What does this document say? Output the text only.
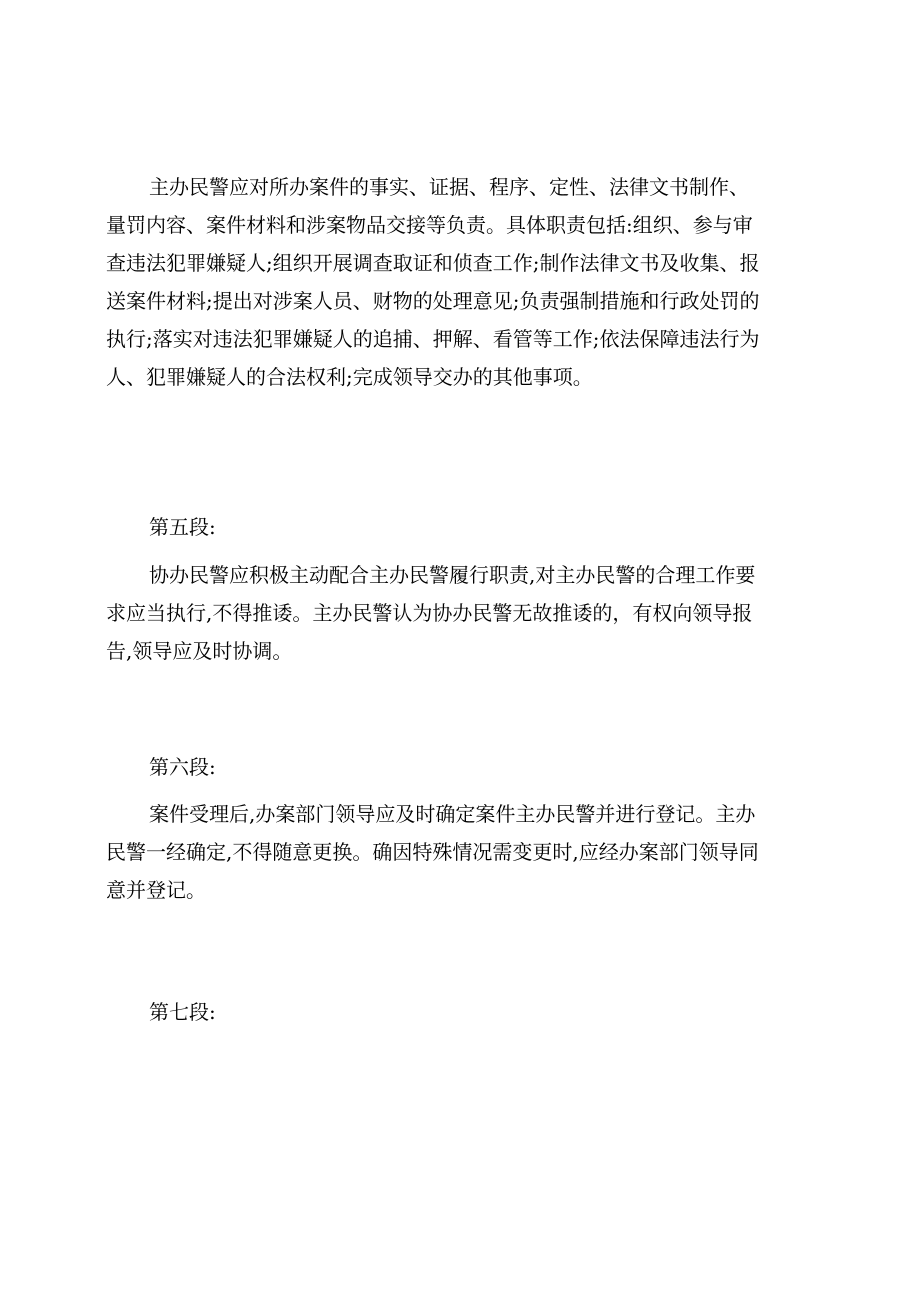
主办民警应对所办案件的事实、证据、程序、定性、法律文书制作、
量罚内容、案件材料和涉案物品交接等负责。具体职责包括:组织、参与审
查违法犯罪嫌疑人;组织开展调查取证和侦查工作;制作法律文书及收集、报
送案件材料;提出对涉案人员、财物的处理意见;负责强制措施和行政处罚的
执行;落实对违法犯罪嫌疑人的追捕、押解、看管等工作;依法保障违法行为
人、犯罪嫌疑人的合法权利;完成领导交办的其他事项。
第五段:
协办民警应积极主动配合主办民警履行职责,对主办民警的合理工作要
求应当执行,不得推诿。主办民警认为协办民警无故推诿的，有权向领导报
告,领导应及时协调。
第六段:
案件受理后,办案部门领导应及时确定案件主办民警并进行登记。主办
民警一经确定,不得随意更换。确因特殊情况需变更时,应经办案部门领导同
意并登记。
第七段:
